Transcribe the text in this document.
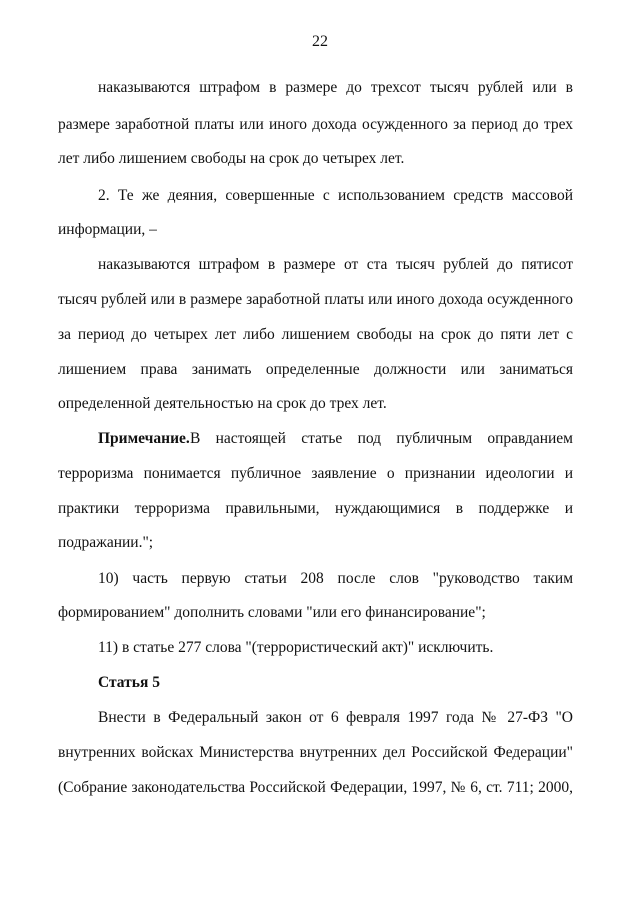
22
наказываются штрафом в размере до трехсот тысяч рублей или в
размере заработной платы или иного дохода осужденного за период до трех
лет либо лишением свободы на срок до четырех лет.
2. Те же деяния, совершенные с использованием средств массовой
информации, –
наказываются штрафом в размере от ста тысяч рублей до пятисот
тысяч рублей или в размере заработной платы или иного дохода осужденного
за период до четырех лет либо лишением свободы на срок до пяти лет с
лишением права занимать определенные должности или заниматься
определенной деятельностью на срок до трех лет.
Примечание. В настоящей статье под публичным оправданием
терроризма понимается публичное заявление о признании идеологии и
практики терроризма правильными, нуждающимися в поддержке и
подражании.";
10) часть первую статьи 208 после слов "руководство таким
формированием" дополнить словами "или его финансирование";
11) в статье 277 слова "(террористический акт)" исключить.
Статья 5
Внести в Федеральный закон от 6 февраля 1997 года № 27-ФЗ "О
внутренних войсках Министерства внутренних дел Российской Федерации"
(Собрание законодательства Российской Федерации, 1997, № 6, ст. 711; 2000,
